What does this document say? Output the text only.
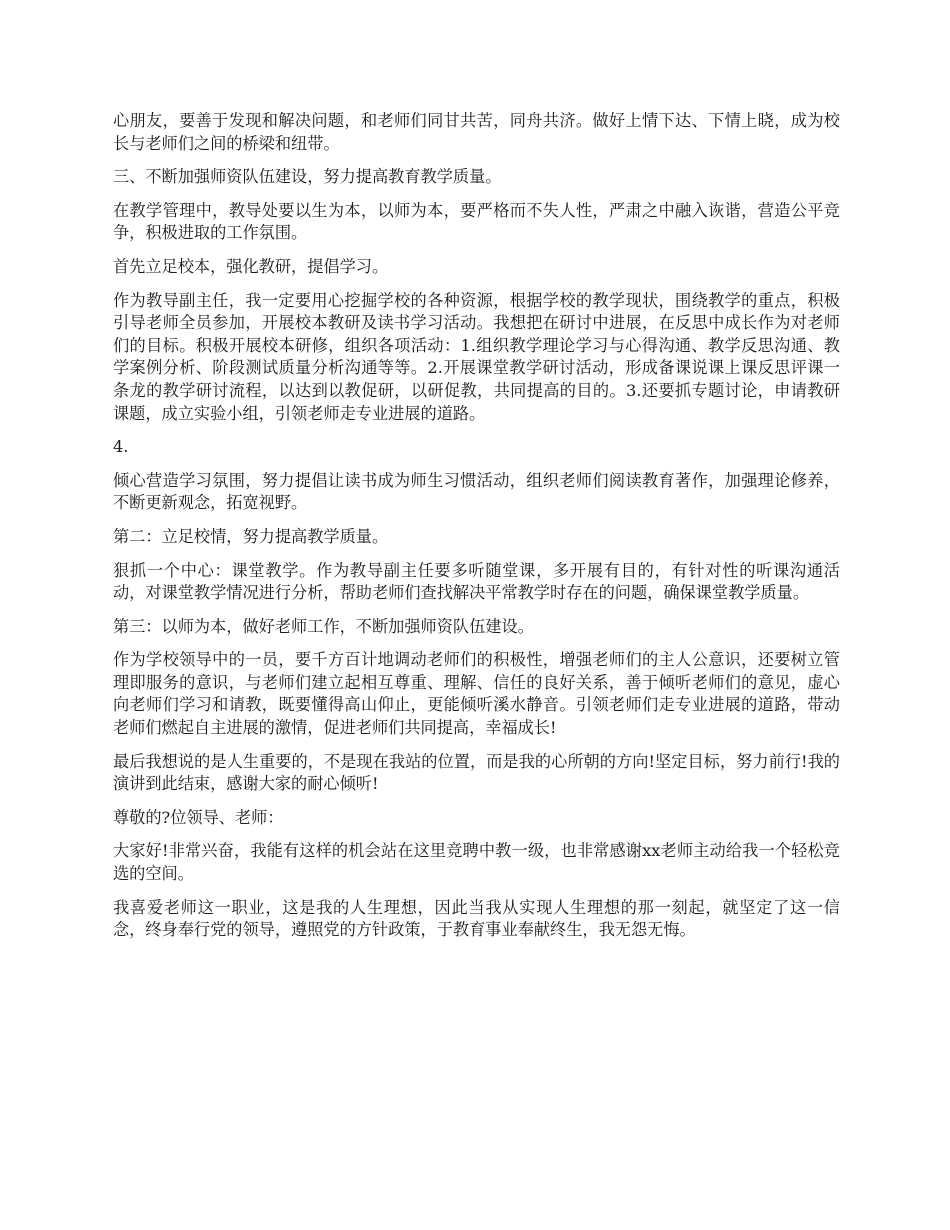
心朋友，要善于发现和解决问题，和老师们同甘共苦，同舟共济。做好上情下达、下情上晓，成为校长与老师们之间的桥梁和纽带。

三、不断加强师资队伍建设，努力提高教育教学质量。

在教学管理中，教导处要以生为本，以师为本，要严格而不失人性，严肃之中融入诙谐，营造公平竞争，积极进取的工作氛围。

首先立足校本，强化教研，提倡学习。

作为教导副主任，我一定要用心挖掘学校的各种资源，根据学校的教学现状，围绕教学的重点，积极引导老师全员参加，开展校本教研及读书学习活动。我想把在研讨中进展，在反思中成长作为对老师们的目标。积极开展校本研修，组织各项活动：1.组织教学理论学习与心得沟通、教学反思沟通、教学案例分析、阶段测试质量分析沟通等等。2.开展课堂教学研讨活动，形成备课说课上课反思评课一条龙的教学研讨流程，以达到以教促研，以研促教，共同提高的目的。3.还要抓专题讨论，申请教研课题，成立实验小组，引领老师走专业进展的道路。

4.

倾心营造学习氛围，努力提倡让读书成为师生习惯活动，组织老师们阅读教育著作，加强理论修养，不断更新观念，拓宽视野。

第二：立足校情，努力提高教学质量。

狠抓一个中心：课堂教学。作为教导副主任要多听随堂课，多开展有目的，有针对性的听课沟通活动，对课堂教学情况进行分析，帮助老师们查找解决平常教学时存在的问题，确保课堂教学质量。

第三：以师为本，做好老师工作，不断加强师资队伍建设。

作为学校领导中的一员，要千方百计地调动老师们的积极性，增强老师们的主人公意识，还要树立管理即服务的意识，与老师们建立起相互尊重、理解、信任的良好关系，善于倾听老师们的意见，虚心向老师们学习和请教，既要懂得高山仰止，更能倾听溪水静音。引领老师们走专业进展的道路，带动老师们燃起自主进展的激情，促进老师们共同提高，幸福成长!

最后我想说的是人生重要的，不是现在我站的位置，而是我的心所朝的方向!坚定目标，努力前行!我的演讲到此结束，感谢大家的耐心倾听!

尊敬的?位领导、老师：

大家好!非常兴奋，我能有这样的机会站在这里竞聘中教一级，也非常感谢xx老师主动给我一个轻松竞选的空间。

我喜爱老师这一职业，这是我的人生理想，因此当我从实现人生理想的那一刻起，就坚定了这一信念，终身奉行党的领导，遵照党的方针政策，于教育事业奉献终生，我无怨无悔。
